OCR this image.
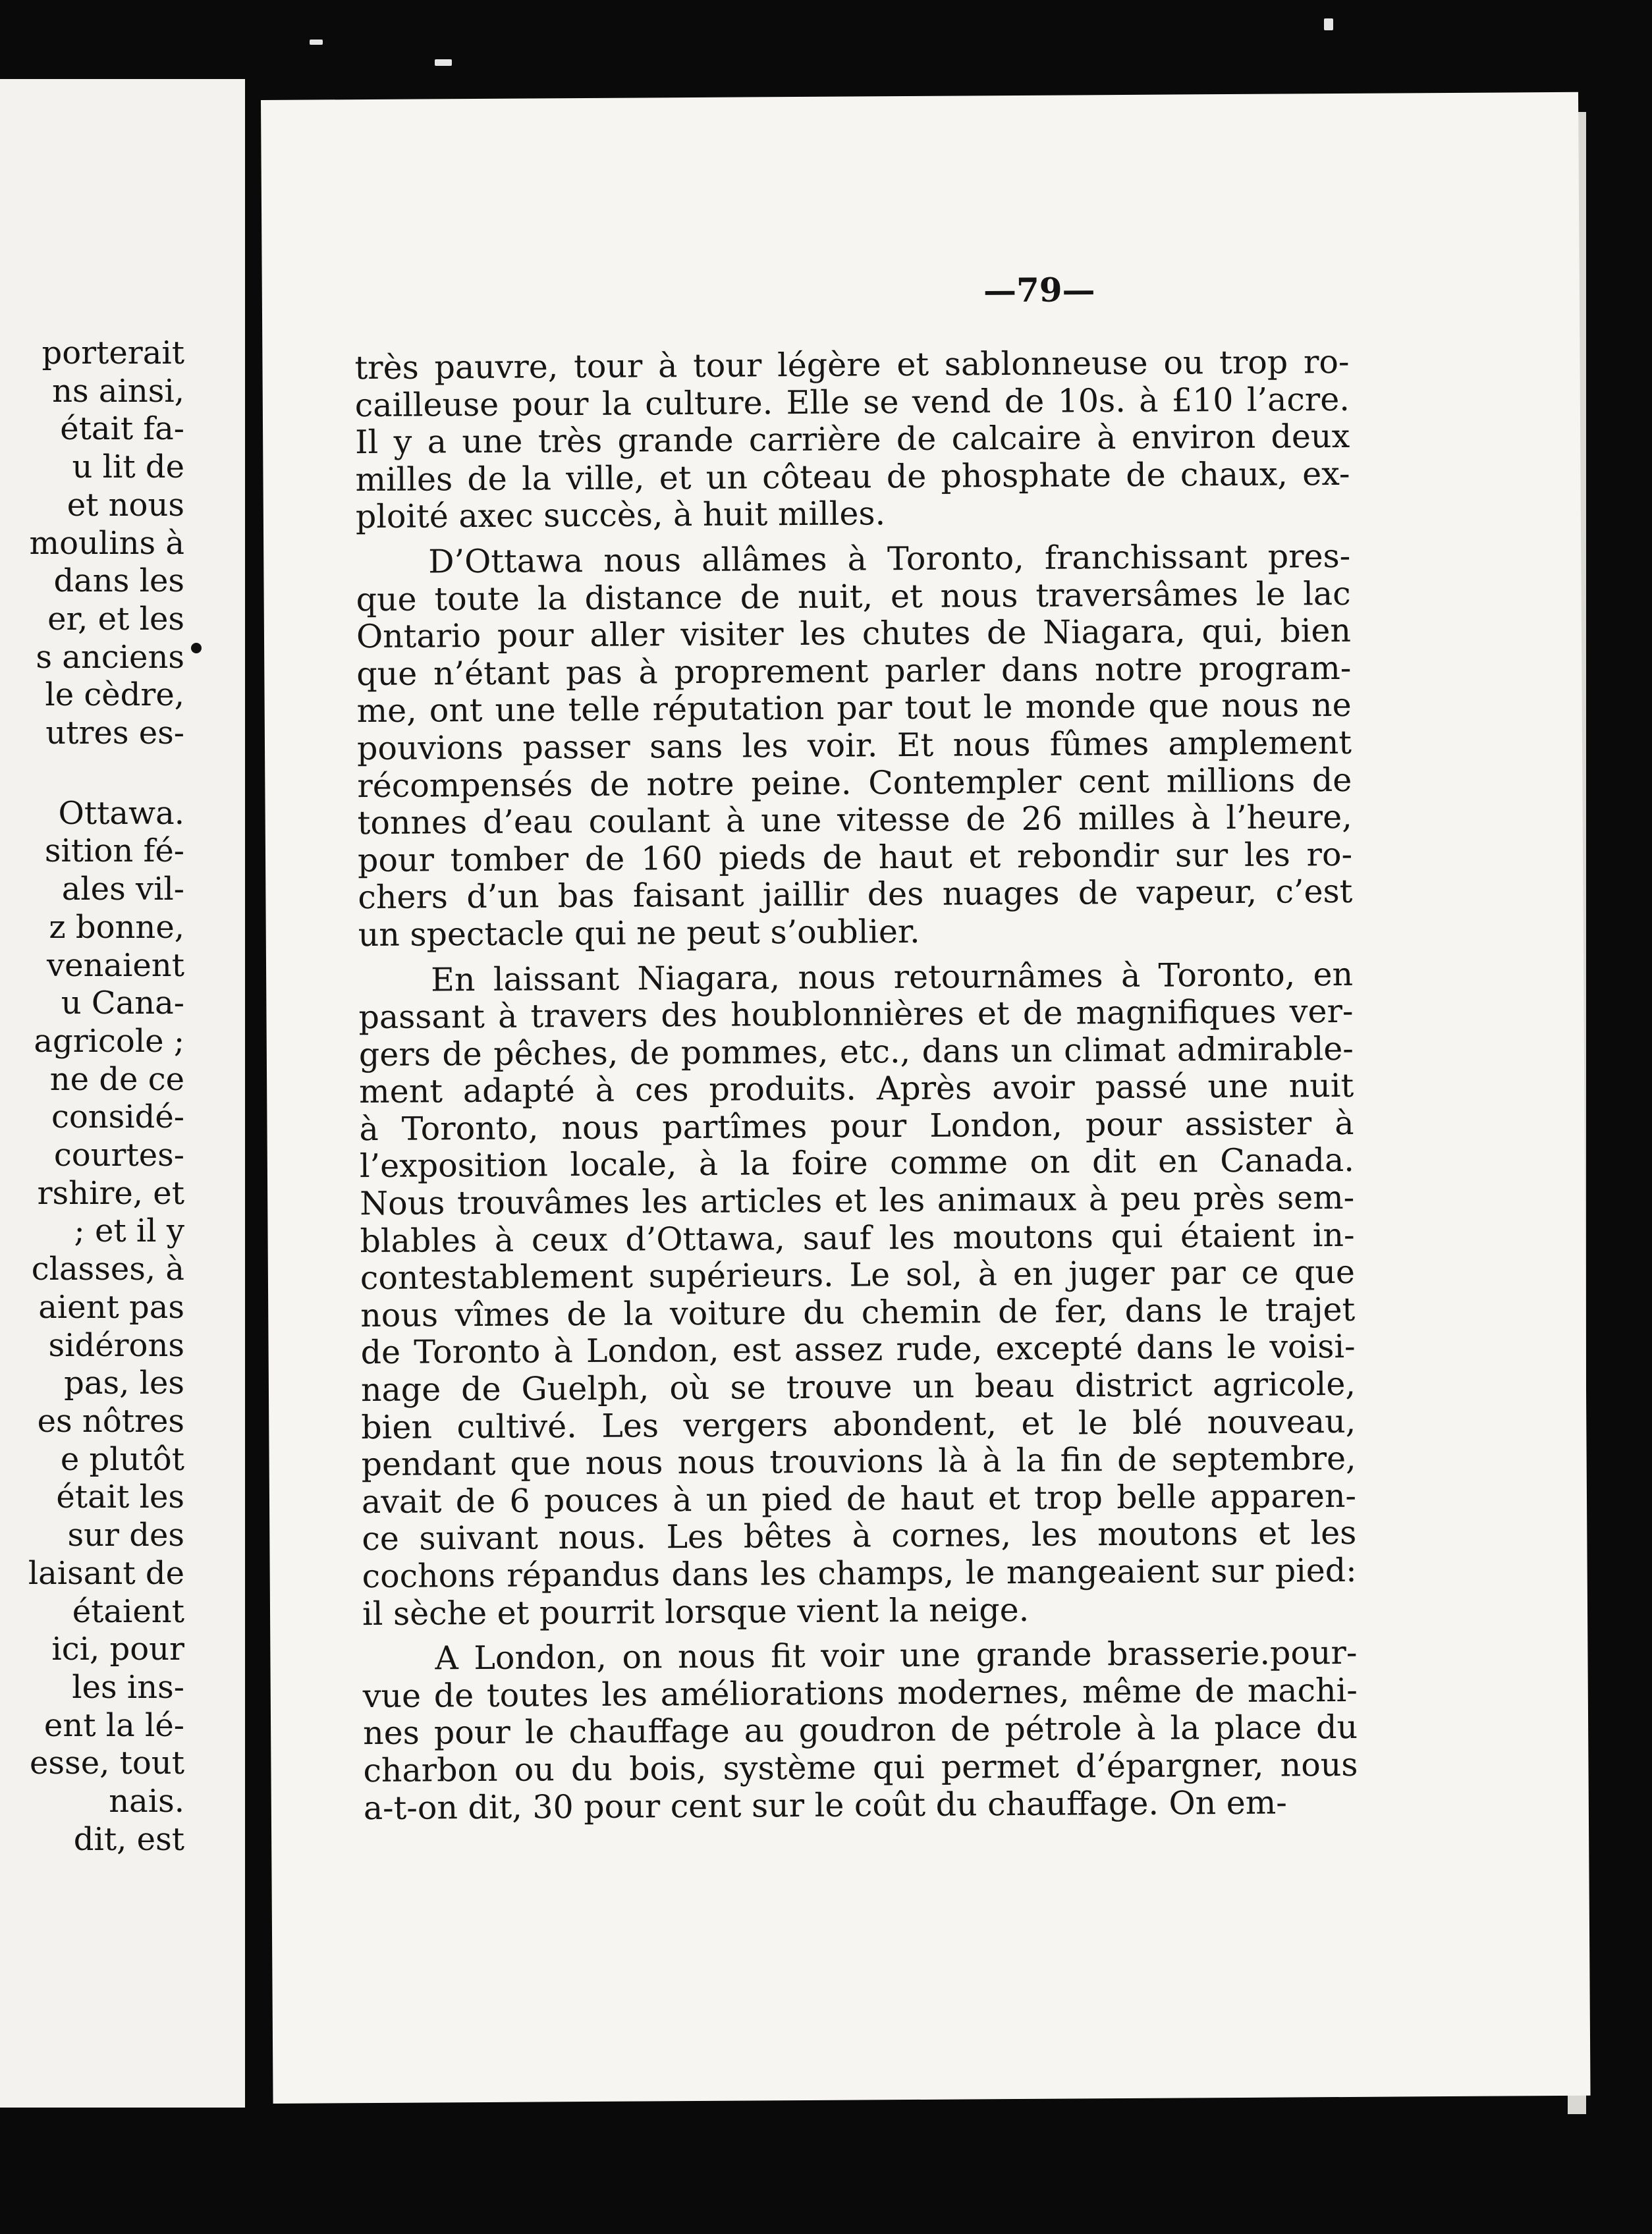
porterait
ns ainsi,
était fa-
u lit de
et nous
moulins à
dans les
er, et les
s anciens
le cèdre,
utres es-
Ottawa.
sition fé-
ales vil-
z bonne,
venaient
u Cana-
agricole ;
ne de ce
considé-
courtes-
rshire, et
; et il y
classes, à
aient pas
sidérons
pas, les
es nôtres
e plutôt
était les
sur des
laisant de
étaient
ici, pour
les ins-
ent la lé-
esse, tout
nais.
dit, est
—79—
très pauvre, tour à tour légère et sablonneuse ou trop ro-
cailleuse pour la culture. Elle se vend de 10s. à £10 l’acre.
Il y a une très grande carrière de calcaire à environ deux
milles de la ville, et un côteau de phosphate de chaux, ex-
ploité axec succès, à huit milles.
D’Ottawa nous allâmes à Toronto, franchissant pres-
que toute la distance de nuit, et nous traversâmes le lac
Ontario pour aller visiter les chutes de Niagara, qui, bien
que n’étant pas à proprement parler dans notre program-
me, ont une telle réputation par tout le monde que nous ne
pouvions passer sans les voir. Et nous fûmes amplement
récompensés de notre peine. Contempler cent millions de
tonnes d’eau coulant à une vitesse de 26 milles à l’heure,
pour tomber de 160 pieds de haut et rebondir sur les ro-
chers d’un bas faisant jaillir des nuages de vapeur, c’est
un spectacle qui ne peut s’oublier.
En laissant Niagara, nous retournâmes à Toronto, en
passant à travers des houblonnières et de magnifiques ver-
gers de pêches, de pommes, etc., dans un climat admirable-
ment adapté à ces produits. Après avoir passé une nuit
à Toronto, nous partîmes pour London, pour assister à
l’exposition locale, à la foire comme on dit en Canada.
Nous trouvâmes les articles et les animaux à peu près sem-
blables à ceux d’Ottawa, sauf les moutons qui étaient in-
contestablement supérieurs. Le sol, à en juger par ce que
nous vîmes de la voiture du chemin de fer, dans le trajet
de Toronto à London, est assez rude, excepté dans le voisi-
nage de Guelph, où se trouve un beau district agricole,
bien cultivé. Les vergers abondent, et le blé nouveau,
pendant que nous nous trouvions là à la fin de septembre,
avait de 6 pouces à un pied de haut et trop belle apparen-
ce suivant nous. Les bêtes à cornes, les moutons et les
cochons répandus dans les champs, le mangeaient sur pied:
il sèche et pourrit lorsque vient la neige.
A London, on nous fit voir une grande brasserie.pour-
vue de toutes les améliorations modernes, même de machi-
nes pour le chauffage au goudron de pétrole à la place du
charbon ou du bois, système qui permet d’épargner, nous
a-t-on dit, 30 pour cent sur le coût du chauffage. On em-
